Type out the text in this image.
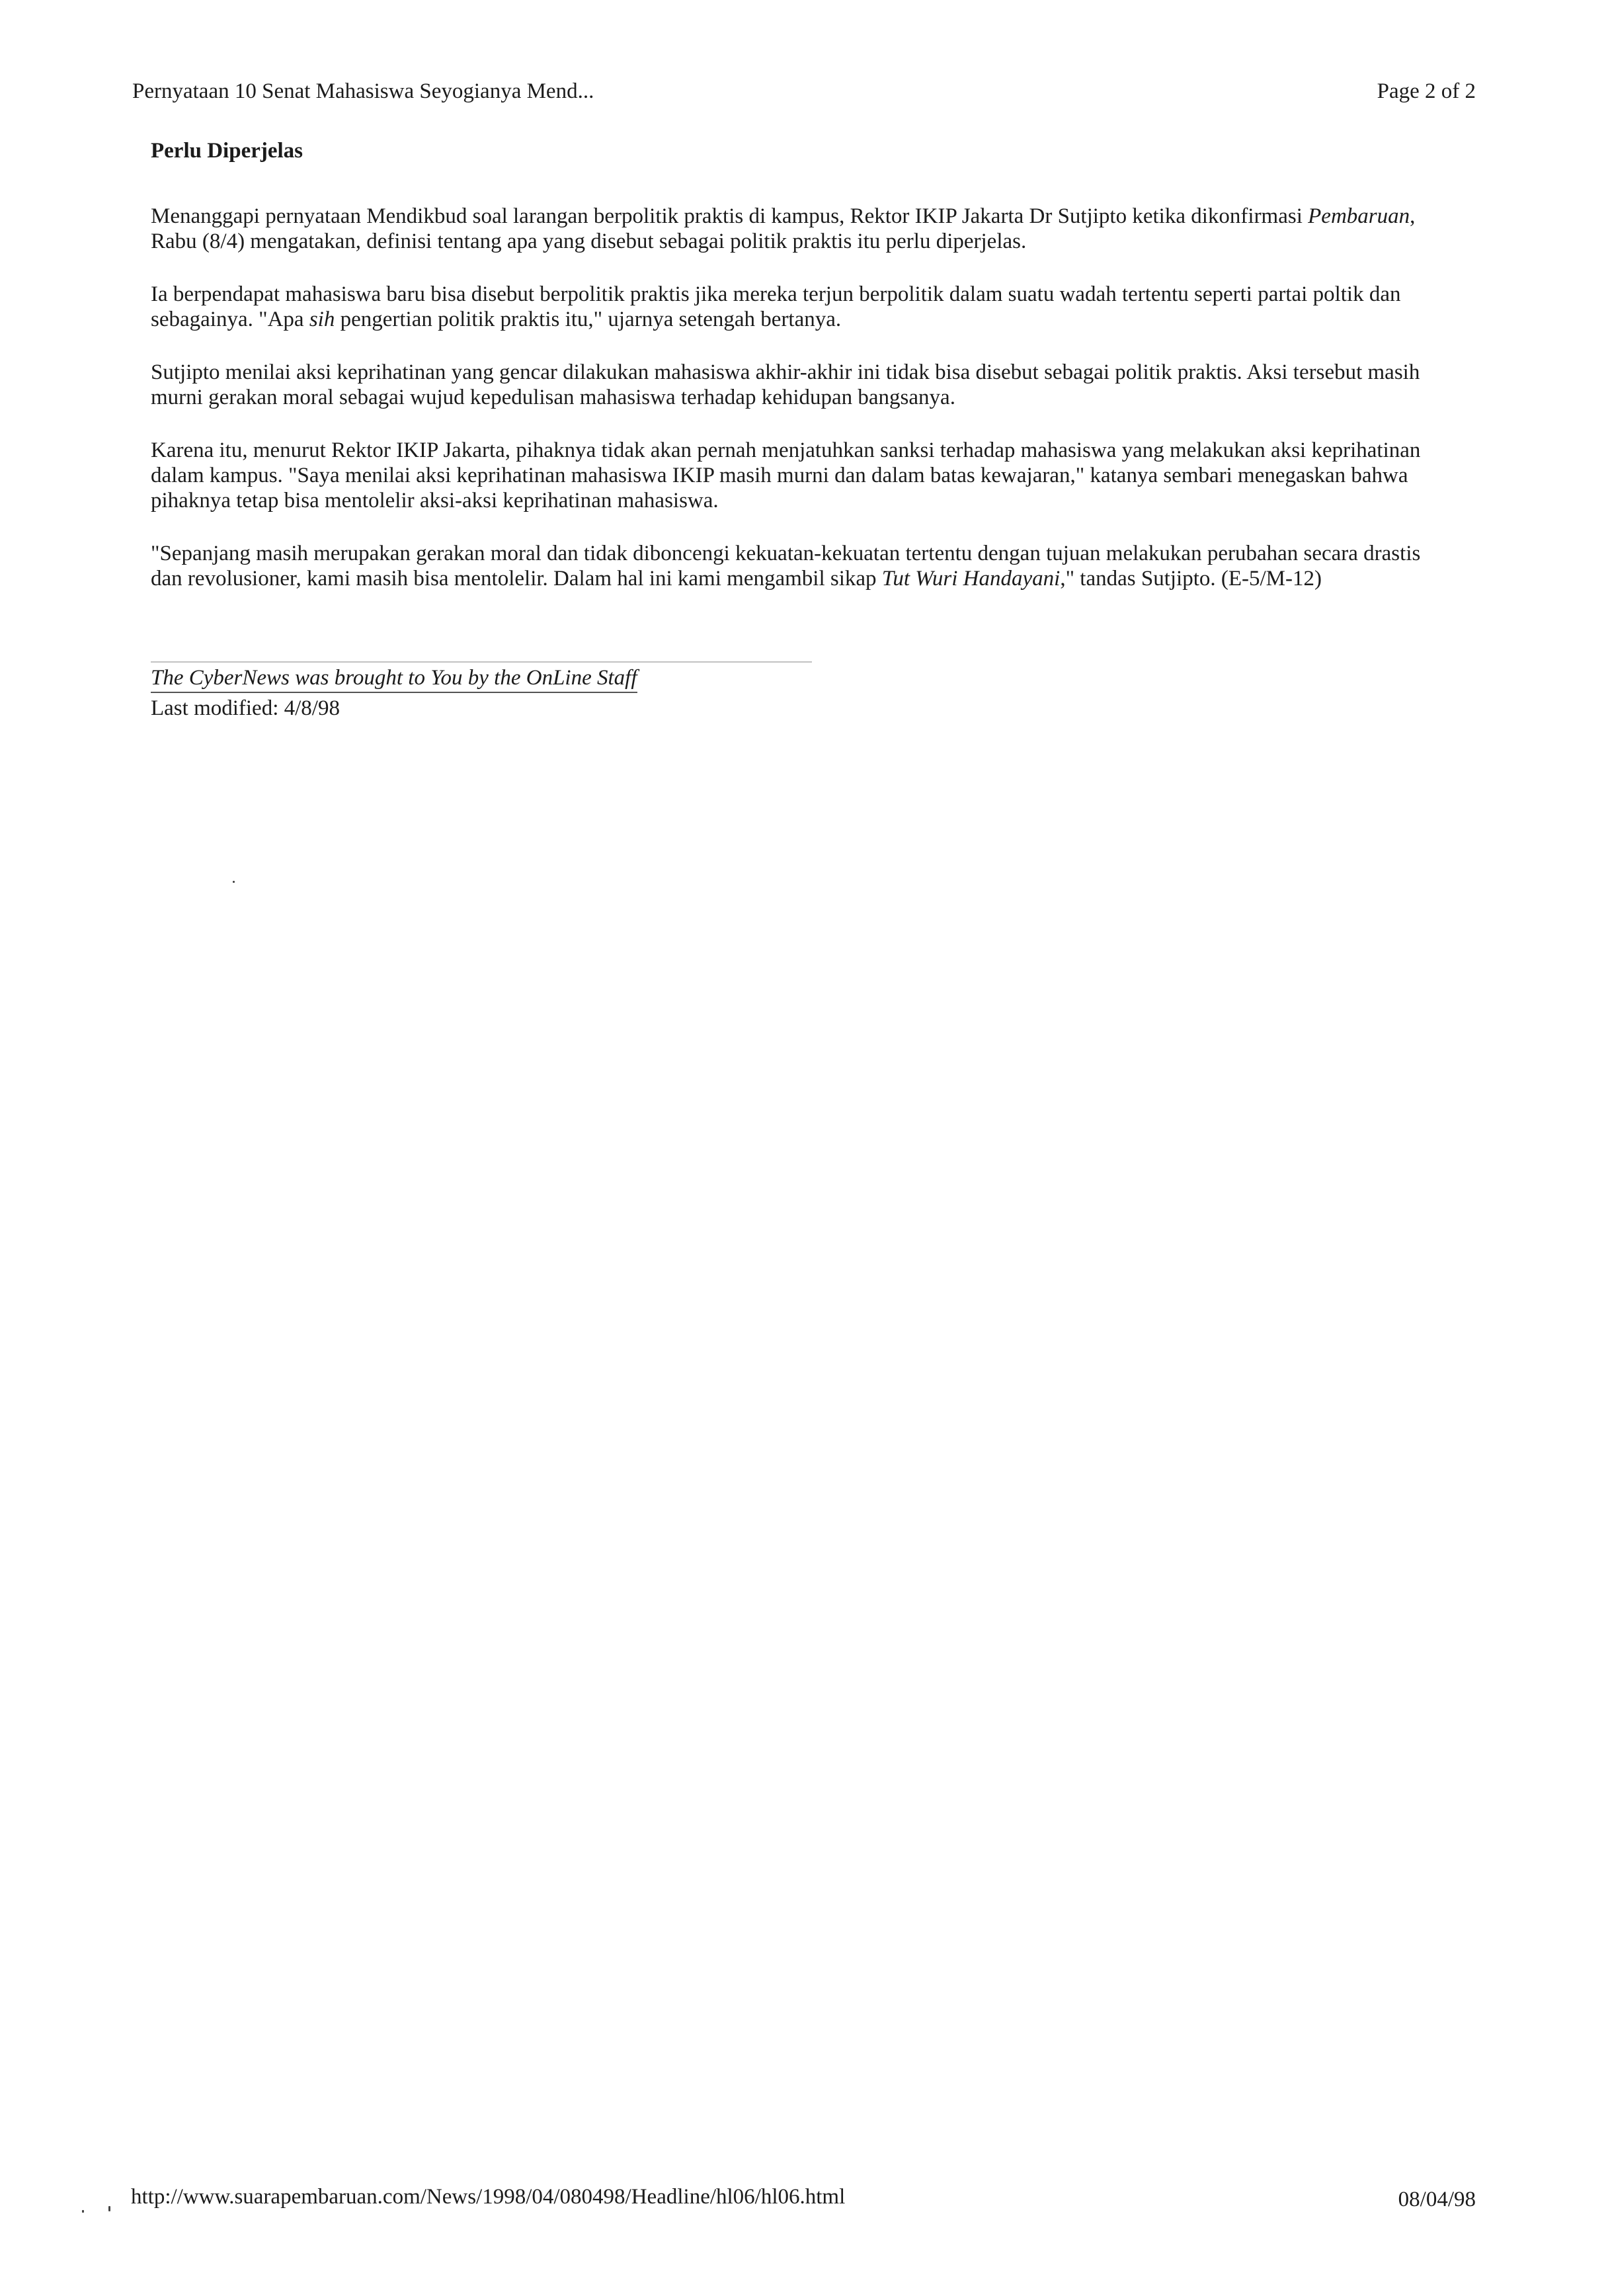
Pernyataan 10 Senat Mahasiswa Seyogianya Mend...	Page 2 of 2
Perlu Diperjelas

Menanggapi pernyataan Mendikbud soal larangan berpolitik praktis di kampus, Rektor IKIP Jakarta Dr Sutjipto ketika dikonfirmasi Pembaruan, Rabu (8/4) mengatakan, definisi tentang apa yang disebut sebagai politik praktis itu perlu diperjelas.

Ia berpendapat mahasiswa baru bisa disebut berpolitik praktis jika mereka terjun berpolitik dalam suatu wadah tertentu seperti partai poltik dan sebagainya. "Apa sih pengertian politik praktis itu," ujarnya setengah bertanya.

Sutjipto menilai aksi keprihatinan yang gencar dilakukan mahasiswa akhir-akhir ini tidak bisa disebut sebagai politik praktis. Aksi tersebut masih murni gerakan moral sebagai wujud kepedulisan mahasiswa terhadap kehidupan bangsanya.

Karena itu, menurut Rektor IKIP Jakarta, pihaknya tidak akan pernah menjatuhkan sanksi terhadap mahasiswa yang melakukan aksi keprihatinan dalam kampus. "Saya menilai aksi keprihatinan mahasiswa IKIP masih murni dan dalam batas kewajaran," katanya sembari menegaskan bahwa pihaknya tetap bisa mentolelir aksi-aksi keprihatinan mahasiswa.

"Sepanjang masih merupakan gerakan moral dan tidak diboncengi kekuatan-kekuatan tertentu dengan tujuan melakukan perubahan secara drastis dan revolusioner, kami masih bisa mentolelir. Dalam hal ini kami mengambil sikap Tut Wuri Handayani," tandas Sutjipto. (E-5/M-12)

The CyberNews was brought to You by the OnLine Staff
Last modified: 4/8/98
http://www.suarapembaruan.com/News/1998/04/080498/Headline/hl06/hl06.html	08/04/98
